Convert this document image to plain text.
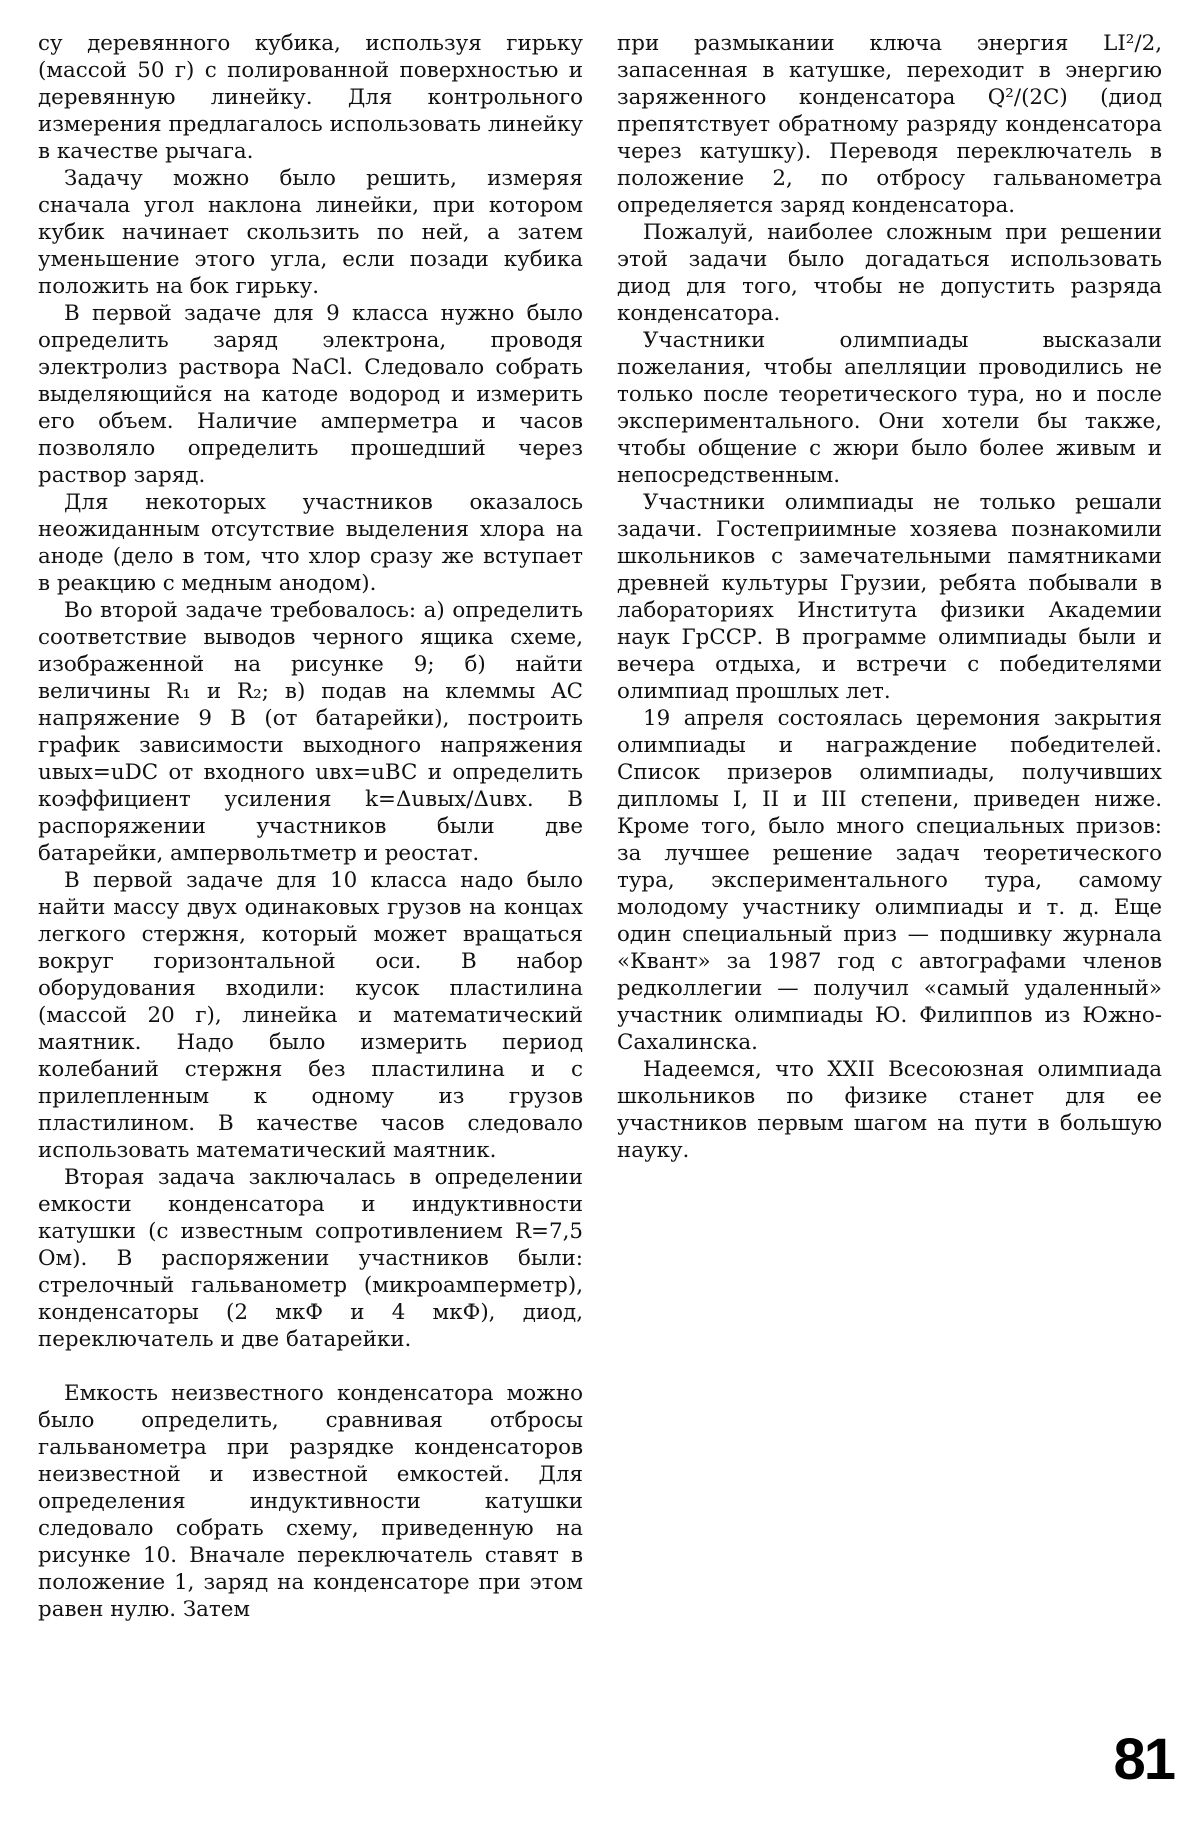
су деревянного кубика, используя гирьку (массой 50 г) с полированной поверхностью и деревянную линейку. Для контрольного измерения предлагалось использовать линейку в качестве рычага.

Задачу можно было решить, измеряя сначала угол наклона линейки, при котором кубик начинает скользить по ней, а затем уменьшение этого угла, если позади кубика положить на бок гирьку.

В первой задаче для 9 класса нужно было определить заряд электрона, проводя электролиз раствора NaCl. Следовало собрать выделяющийся на катоде водород и измерить его объем. Наличие амперметра и часов позволяло определить прошедший через раствор заряд.

Для некоторых участников оказалось неожиданным отсутствие выделения хлора на аноде (дело в том, что хлор сразу же вступает в реакцию с медным анодом).

Во второй задаче требовалось: а) определить соответствие выводов черного ящика схеме, изображенной на рисунке 9; б) найти величины R₁ и R₂; в) подав на клеммы AC напряжение 9 В (от батарейки), построить график зависимости выходного напряжения uвых=uDC от входного uвх=uBC и определить коэффициент усиления k=Δuвых/Δuвх. В распоряжении участников были две батарейки, ампервольтметр и реостат.

В первой задаче для 10 класса надо было найти массу двух одинаковых грузов на концах легкого стержня, который может вращаться вокруг горизонтальной оси. В набор оборудования входили: кусок пластилина (массой 20 г), линейка и математический маятник. Надо было измерить период колебаний стержня без пластилина и с прилепленным к одному из грузов пластилином. В качестве часов следовало использовать математический маятник.

Вторая задача заключалась в определении емкости конденсатора и индуктивности катушки (с известным сопротивлением R=7,5 Ом). В распоряжении участников были: стрелочный гальванометр (микроамперметр), конденсаторы (2 мкФ и 4 мкФ), диод, переключатель и две батарейки.

Емкость неизвестного конденсатора можно было определить, сравнивая отбросы гальванометра при разрядке конденсаторов неизвестной и известной емкостей. Для определения индуктивности катушки следовало собрать схему, приведенную на рисунке 10. Вначале переключатель ставят в положение 1, заряд на конденсаторе при этом равен нулю. Затем

при размыкании ключа энергия LI²/2, запасенная в катушке, переходит в энергию заряженного конденсатора Q²/(2C) (диод препятствует обратному разряду конденсатора через катушку). Переводя переключатель в положение 2, по отбросу гальванометра определяется заряд конденсатора.

Пожалуй, наиболее сложным при решении этой задачи было догадаться использовать диод для того, чтобы не допустить разряда конденсатора.

Участники олимпиады высказали пожелания, чтобы апелляции проводились не только после теоретического тура, но и после экспериментального. Они хотели бы также, чтобы общение с жюри было более живым и непосредственным.

Участники олимпиады не только решали задачи. Гостеприимные хозяева познакомили школьников с замечательными памятниками древней культуры Грузии, ребята побывали в лабораториях Института физики Академии наук ГрССР. В программе олимпиады были и вечера отдыха, и встречи с победителями олимпиад прошлых лет.

19 апреля состоялась церемония закрытия олимпиады и награждение победителей. Список призеров олимпиады, получивших дипломы I, II и III степени, приведен ниже. Кроме того, было много специальных призов: за лучшее решение задач теоретического тура, экспериментального тура, самому молодому участнику олимпиады и т. д. Еще один специальный приз — подшивку журнала «Квант» за 1987 год с автографами членов редколлегии — получил «самый удаленный» участник олимпиады Ю. Филиппов из Южно-Сахалинска.

Надеемся, что XXII Всесоюзная олимпиада школьников по физике станет для ее участников первым шагом на пути в большую науку.

81
